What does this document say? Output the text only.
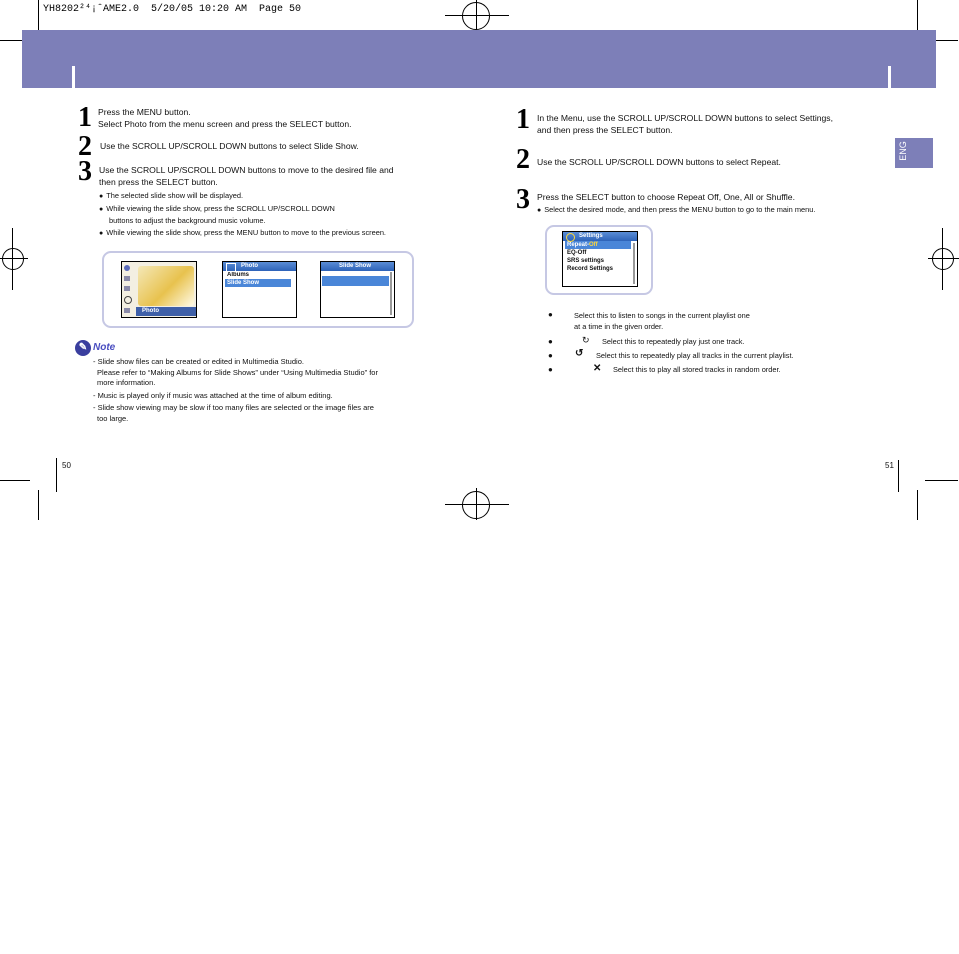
YH8202²⁴¡ˆAME2.0  5/20/05 10:20 AM  Page 50
1 Press the MENU button.
Select Photo from the menu screen and press the SELECT button.
2 Use the SCROLL UP/SCROLL DOWN buttons to select Slide Show.
3 Use the SCROLL UP/SCROLL DOWN buttons to move to the desired file and
then press the SELECT button.
● The selected slide show will be displayed.
● While viewing the slide show, press the SCROLL UP/SCROLL DOWN
buttons to adjust the background music volume.
● While viewing the slide show, press the MENU button to move to the previous screen.
Photo
Photo
Albums
Slide Show
Slide Show
✎ Note
- Slide show files can be created or edited in Multimedia Studio.
Please refer to “Making Albums for Slide Shows” under “Using Multimedia Studio” for
more information.
- Music is played only if music was attached at the time of album editing.
- Slide show viewing may be slow if too many files are selected or the image files are
too large.
50
ENG
1 In the Menu, use the SCROLL UP/SCROLL DOWN buttons to select Settings,
and then press the SELECT button.
2 Use the SCROLL UP/SCROLL DOWN buttons to select Repeat.
3 Press the SELECT button to choose Repeat Off, One, All or Shuffle.
● Select the desired mode, and then press the MENU button to go to the main menu.
Settings
Repeat-Off
EQ-Off
SRS settings
Record Settings
●	Select this to listen to songs in the current playlist one
at a time in the given order.
●	↻ Select this to repeatedly play just one track.
● ↺ Select this to repeatedly play all tracks in the current playlist.
●	✕ Select this to play all stored tracks in random order.
51
